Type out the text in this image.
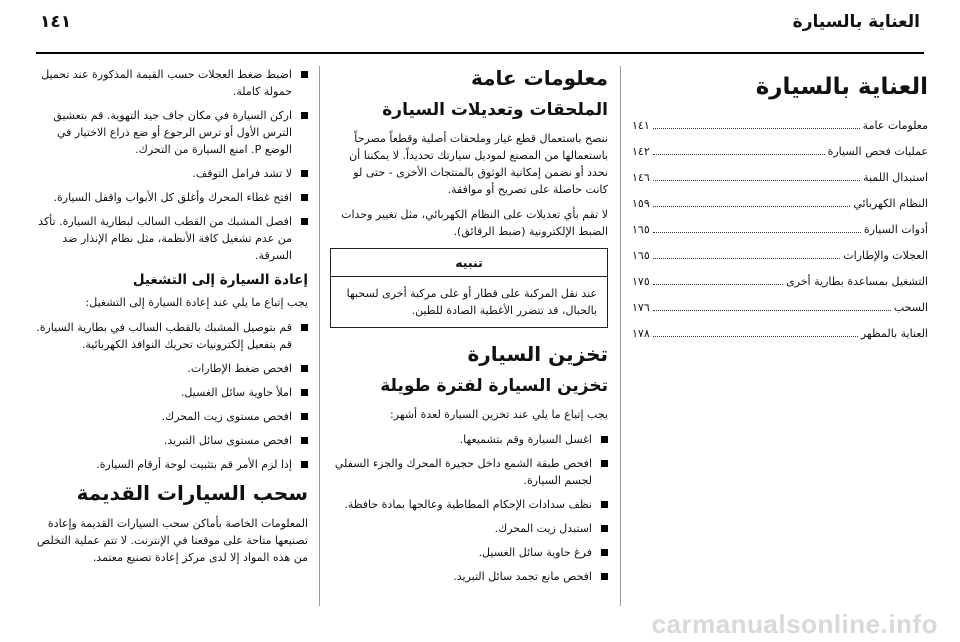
العناية بالسيارة
١٤١
العناية بالسيارة
معلومات عامة
١٤١
عمليات فحص السيارة
١٤٢
استبدال اللمبة
١٤٦
النظام الكهربائي
١٥٩
أدوات السيارة
١٦٥
العجلات والإطارات
١٦٥
التشغيل بمساعدة بطارية أخرى
١٧٥
السحب
١٧٦
العناية بالمظهر
١٧٨
معلومات عامة
الملحقات وتعديلات السيارة

ننصح باستعمال قطع غيار وملحقات أصلية وقطعاً مصرحاً باستعمالها من المصنع لموديل سيارتك تحديداً. لا يمكننا أن نحدد أو نضمن إمكانية الوثوق بالمنتجات الأخرى - حتى لو كانت حاصلة على تصريح أو موافقة.

لا تقم بأي تعديلات على النظام الكهربائي، مثل تغيير وحدات الضبط الإلكترونية (ضبط الرقائق).

تنبيه
عند نقل المركبة على قطار أو على مركبة أخرى لسحبها بالحبال، قد تتضرر الأغطية الصادة للطين.
تخزين السيارة
تخزين السيارة لفترة طويلة

يجب إتباع ما يلي عند تخزين السيارة لعدة أشهر:

اغسل السيارة وقم بتشميعها.
افحص طبقة الشمع داخل حجيرة المحرك والجزء السفلي لجسم السيارة.
نظف سدادات الإحكام المطاطية وعالجها بمادة حافظة.
استبدل زيت المحرك.
فرغ حاوية سائل الغسيل.
افحص مانع تجمد سائل التبريد.
اضبط ضغط العجلات حسب القيمة المذكورة عند تحميل حمولة كاملة.
اركن السيارة في مكان جاف جيد التهوية. قم بتعشيق الترس الأول أو ترس الرجوع أو ضع ذراع الاختيار في الوضع P. امنع السيارة من التحرك.
لا تشد فرامل التوقف.
افتح غطاء المحرك وأغلق كل الأبواب واقفل السيارة.
افصل المشبك من القطب السالب لبطارية السيارة. تأكد من عدم تشغيل كافة الأنظمة، مثل نظام الإنذار ضد السرقة.
إعادة السيارة إلى التشغيل

يجب إتباع ما يلي عند إعادة السيارة إلى التشغيل:

قم بتوصيل المشبك بالقطب السالب في بطارية السيارة. قم بتفعيل إلكترونيات تحريك النوافذ الكهربائية.
افحص ضغط الإطارات.
املأ حاوية سائل الغسيل.
افحص مستوى زيت المحرك.
افحص مستوى سائل التبريد.
إذا لزم الأمر قم بتثبيت لوحة أرقام السيارة.
سحب السيارات القديمة

المعلومات الخاصة بأماكن سحب السيارات القديمة وإعادة تصنيعها متاحة على موقعنا في الإنترنت. لا تتم عملية التخلص من هذه المواد إلا لدى مركز إعادة تصنيع معتمد.

carmanualsonline.info
